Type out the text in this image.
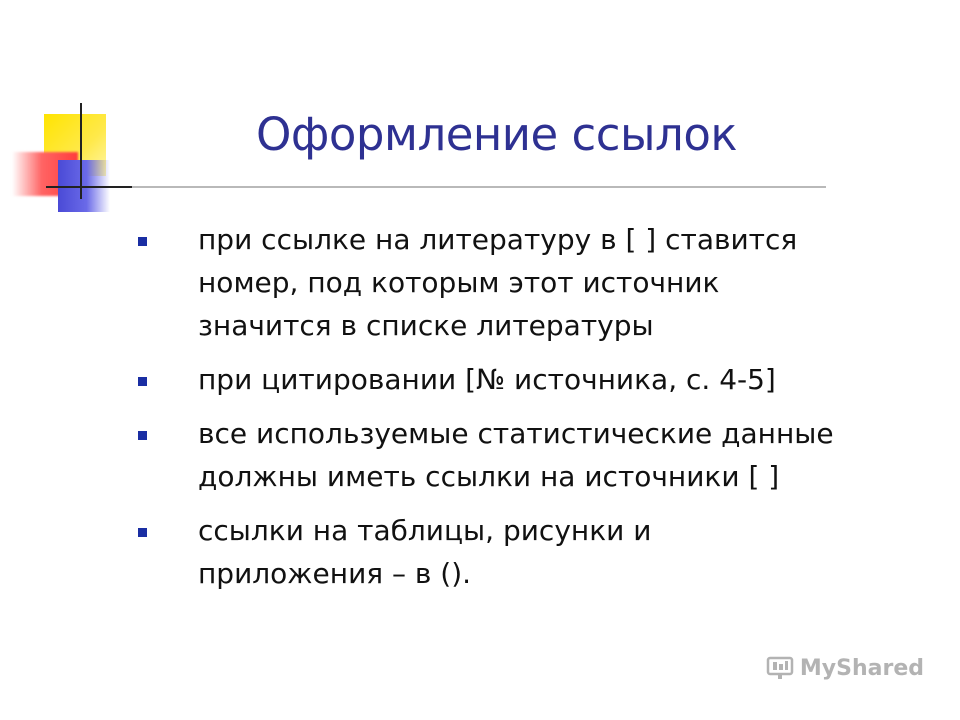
Оформление ссылок
при ссылке на литературу в [ ] ставится
номер, под которым этот источник
значится в списке литературы
при цитировании [№ источника, с. 4-5]
все используемые статистические данные
должны иметь ссылки на источники [ ]
ссылки на таблицы, рисунки и
приложения – в ().
MyShared
